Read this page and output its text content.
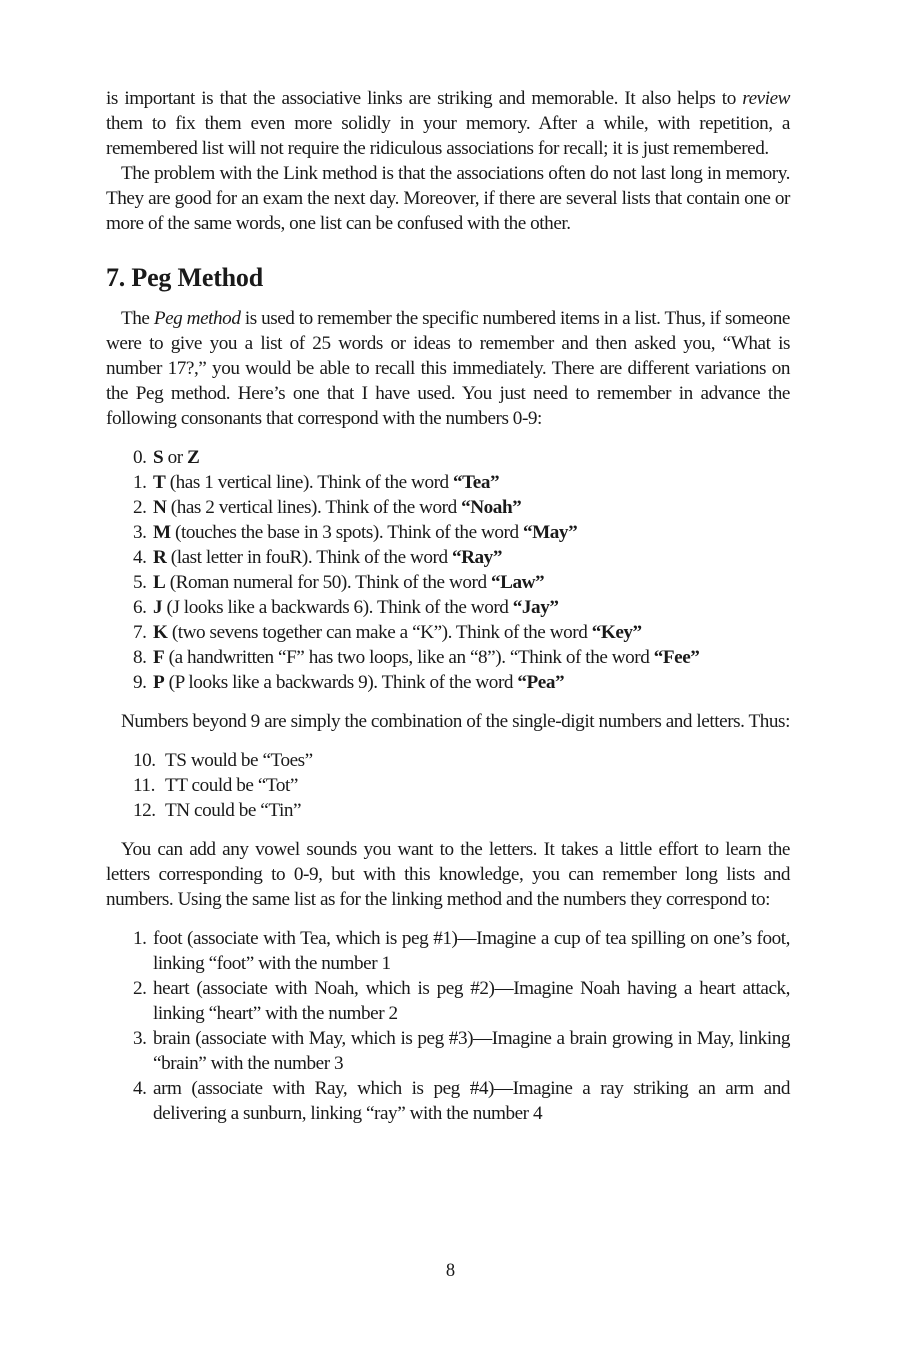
is important is that the associative links are striking and memorable. It also helps to review them to fix them even more solidly in your memory. After a while, with repetition, a remembered list will not require the ridiculous associations for recall; it is just remembered.

The problem with the Link method is that the associations often do not last long in memory. They are good for an exam the next day. Moreover, if there are several lists that contain one or more of the same words, one list can be confused with the other.

7. Peg Method

The Peg method is used to remember the specific numbered items in a list. Thus, if someone were to give you a list of 25 words or ideas to remember and then asked you, “What is number 17?,” you would be able to recall this immediately. There are different variations on the Peg method. Here’s one that I have used. You just need to remember in advance the following consonants that correspond with the numbers 0-9:

0. S or Z
1. T (has 1 vertical line). Think of the word “Tea”
2. N (has 2 vertical lines). Think of the word “Noah”
3. M (touches the base in 3 spots). Think of the word “May”
4. R (last letter in fouR). Think of the word “Ray”
5. L (Roman numeral for 50). Think of the word “Law”
6. J (J looks like a backwards 6). Think of the word “Jay”
7. K (two sevens together can make a “K”). Think of the word “Key”
8. F (a handwritten “F” has two loops, like an “8”). “Think of the word “Fee”
9. P (P looks like a backwards 9). Think of the word “Pea”

Numbers beyond 9 are simply the combination of the single-digit numbers and letters. Thus:

10. TS would be “Toes”
11. TT could be “Tot”
12. TN could be “Tin”

You can add any vowel sounds you want to the letters. It takes a little effort to learn the letters corresponding to 0-9, but with this knowledge, you can remember long lists and numbers. Using the same list as for the linking method and the numbers they correspond to:

1. foot (associate with Tea, which is peg #1)—Imagine a cup of tea spilling on one’s foot, linking “foot” with the number 1
2. heart (associate with Noah, which is peg #2)—Imagine Noah having a heart attack, linking “heart” with the number 2
3. brain (associate with May, which is peg #3)—Imagine a brain growing in May, linking “brain” with the number 3
4. arm (associate with Ray, which is peg #4)—Imagine a ray striking an arm and delivering a sunburn, linking “ray” with the number 4
8
